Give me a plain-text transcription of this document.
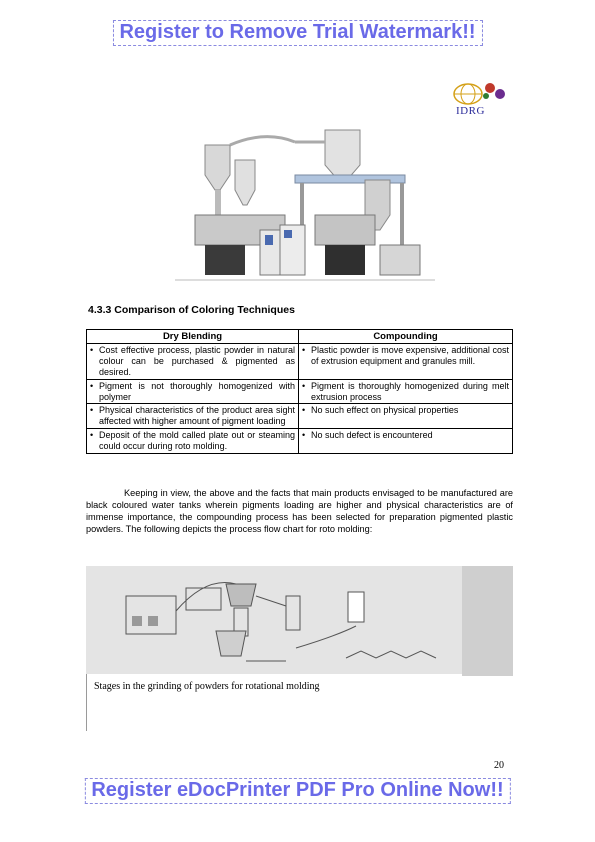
Register to Remove Trial Watermark!!
IDRG
4.3.3 Comparison of Coloring Techniques
Dry Blending	Compounding

• Cost effective process, plastic powder in natural colour can be purchased & pigmented as desired.	• Plastic powder is move expensive, additional cost of extrusion equipment and granules mill.

• Pigment is not thoroughly homogenized with polymer	• Pigment is thoroughly homogenized during melt extrusion process

• Physical characteristics of the product area sight affected with higher amount of pigment loading	• No such effect on physical properties

• Deposit of the mold called plate out or steaming could occur during roto molding.	• No such defect is encountered
Keeping in view, the above and the facts that main products envisaged to be manufactured are black coloured water tanks wherein pigments loading are higher and physical characteristics are of immense importance, the compounding process has been selected for preparation pigmented plastic powders. The following depicts the process flow chart for roto molding:
Stages in the grinding of powders for rotational molding
20
Register eDocPrinter PDF Pro Online Now!!
